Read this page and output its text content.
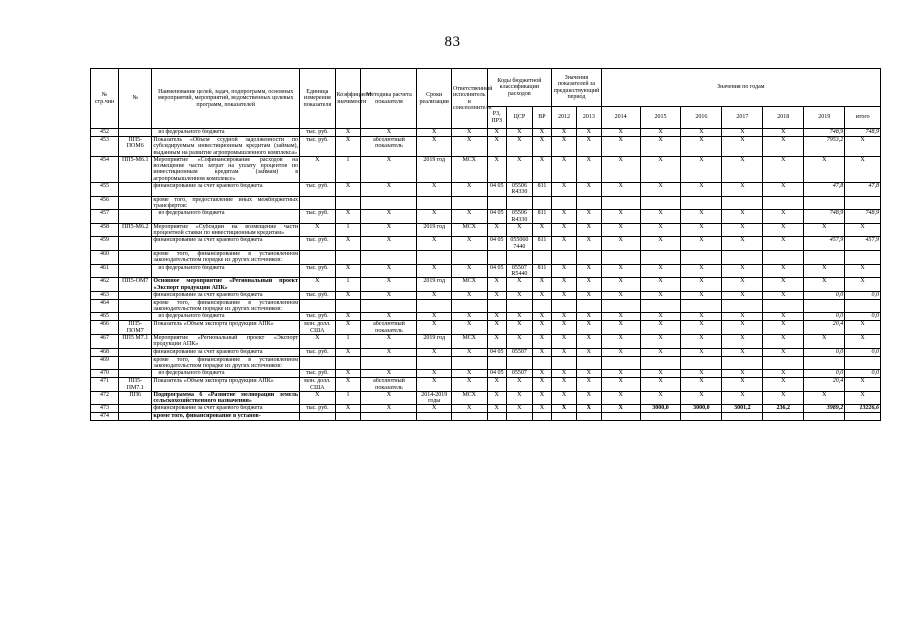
83
№
стр.чин	№	Наименование целей, задач, подпрограмм, основных мероприятий, мероприятий, ведомственных целевых программ, показателей	Единица измерения показателя	Коэффициент значимости	Методика расчета показателя	Сроки реализации	Ответственный исполнитель и соисполнители	Коды бюджетной классификации расходов			Значения показателей за предшествующий период		Значения по годам						

								РЗ, ПРЗ	ЦСР	ВР	2012	2013	2014	2015	2016	2017	2018	2019	итого
452		из федерального бюджета	тыс. руб.	Х	Х	Х	Х	Х	Х	Х	Х	Х	Х	Х	Х	Х	Х	748,9	748,9
453	ПП5-ПОМ6	Показатель «Объем ссудной задолженности по субсидируемым инвестиционным кредитам (займам), выданным на развитие агропромышленного комплекса»	тыс. руб.	Х	абсолютный показатель	Х	Х	Х	Х	Х	Х	Х	Х	Х	Х	Х	Х	7953,2	Х
454	ПП5-М6.1	Мероприятие «Софинансирование расходов на возмещение части затрат на уплату процентов по инвестиционным кредитам (займам) в агропромышленном комплексе»	Х	1	Х	2019 год	МСХ	Х	Х	Х	Х	Х	Х	Х	Х	Х	Х	Х	Х
455		финансирование за счет краевого бюджета	тыс. руб.	Х	Х	Х	Х	04 05	05506 R4330	811	Х	Х	Х	Х	Х	Х	Х	47,8	47,8
456		кроме того, предоставление иных межбюджетных трансфертов:																	
457		из федерального бюджета	тыс. руб.	Х	Х	Х	Х	04 05	05506 R4330	811	Х	Х	Х	Х	Х	Х	Х	748,9	748,9
458	ПП5-М6.2	Мероприятие «Субсидии на возмещение части процентной ставки по инвестиционным кредитам»	Х	1	Х	2019 год	МСХ	Х	Х	Х	Х	Х	Х	Х	Х	Х	Х	Х	Х
459		финансирование за счет краевого бюджета	тыс. руб.	Х	Х	Х	Х	04 05	055060 7440	811	Х	Х	Х	Х	Х	Х	Х	457,9	457,9
460		кроме того, финансирование в установленном законодательством порядке из других источников:																	
461		из федерального бюджета	тыс. руб.	Х	Х	Х	Х	04 05	05507 R5440	811	Х	Х	Х	Х	Х	Х	Х	Х	Х
462	ПП5-ОМ7	Основное мероприятие «Региональный проект «Экспорт продукции АПК»	Х	1	Х	2019 год	МСХ	Х	Х	Х	Х	Х	Х	Х	Х	Х	Х	Х	Х
463		финансирование за счет краевого бюджета	тыс. руб.	Х	Х	Х	Х	Х	Х	Х	Х	Х	Х	Х	Х	Х	Х	0,0	0,0
464		кроме того, финансирование в установленном законодательством порядке из других источников:																	
465		из федерального бюджета	тыс. руб.	Х	Х	Х	Х	Х	Х	Х	Х	Х	Х	Х	Х	Х	Х	0,0	0,0
466	ПП5-ПОМ7	Показатель «Объем экспорта продукции АПК»	млн. долл. США	Х	абсолютный показатель	Х	Х	Х	Х	Х	Х	Х	Х	Х	Х	Х	Х	20,4	Х
467	ПП5 М7.1	Мероприятие «Региональный проект «Экспорт продукции АПК»	Х	1	Х	2019 год	МСХ	Х	Х	Х	Х	Х	Х	Х	Х	Х	Х	Х	Х
468		финансирование за счет краевого бюджета	тыс. руб.	Х	Х	Х	Х	04 05	05507	Х	Х	Х	Х	Х	Х	Х	Х	0,0	0,0
469		кроме того, финансирование в установленном законодательством порядке из других источников:																	
470		из федерального бюджета	тыс. руб.	Х	Х	Х	Х	04 05	05507	Х	Х	Х	Х	Х	Х	Х	Х	0,0	0,0
471	ПП5-ПМ7.1	Показатель «Объем экспорта продукции АПК»	млн. долл. США	Х	абсолютный показатель	Х	Х	Х	Х	Х	Х	Х	Х	Х	Х	Х	Х	20,4	Х
472	ПП6	Подпрограмма 6 «Развитие мелиорации земель сельскохозяйственного назначения»	Х	1	Х	2014-2019 годы	МСХ	Х	Х	Х	Х	Х	Х	Х	Х	Х	Х	Х	Х
473		финансирование за счет краевого бюджета	тыс. руб.	Х	Х	Х	Х	Х	Х	Х	Х	Х	Х	3000,0	3000,0	3001,2	236,2	3989,2	13226,6
474		кроме того, финансирование в установ-																	
